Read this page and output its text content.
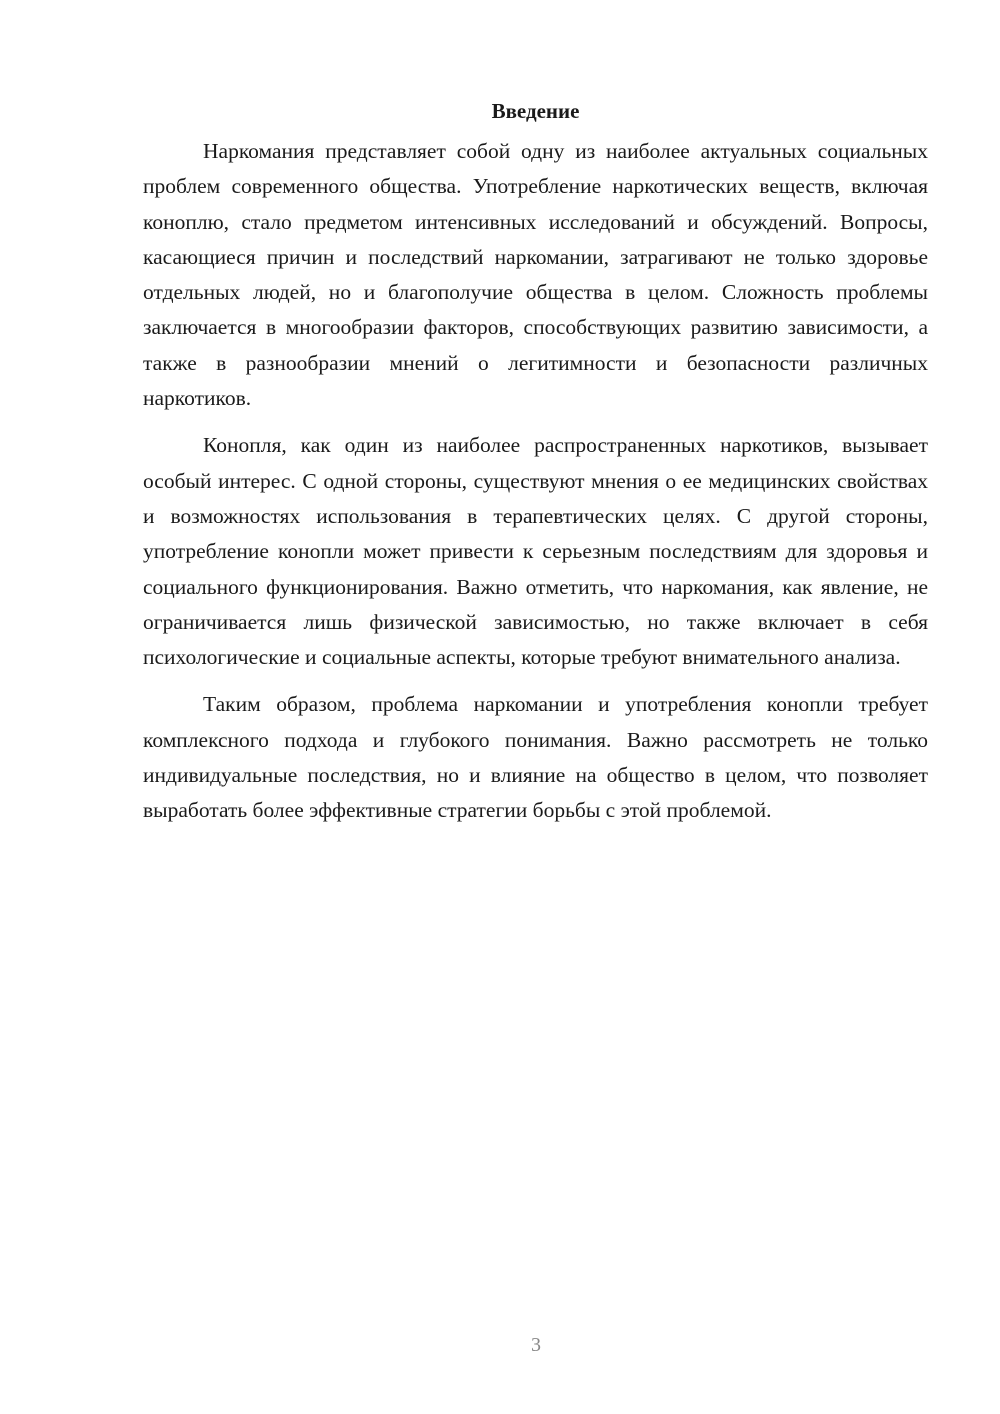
Введение

Наркомания представляет собой одну из наиболее актуальных социальных проблем современного общества. Употребление наркотических веществ, включая коноплю, стало предметом интенсивных исследований и обсуждений. Вопросы, касающиеся причин и последствий наркомании, затрагивают не только здоровье отдельных людей, но и благополучие общества в целом. Сложность проблемы заключается в многообразии факторов, способствующих развитию зависимости, а также в разнообразии мнений о легитимности и безопасности различных наркотиков.

Конопля, как один из наиболее распространенных наркотиков, вызывает особый интерес. С одной стороны, существуют мнения о ее медицинских свойствах и возможностях использования в терапевтических целях. С другой стороны, употребление конопли может привести к серьезным последствиям для здоровья и социального функционирования. Важно отметить, что наркомания, как явление, не ограничивается лишь физической зависимостью, но также включает в себя психологические и социальные аспекты, которые требуют внимательного анализа.

Таким образом, проблема наркомании и употребления конопли требует комплексного подхода и глубокого понимания. Важно рассмотреть не только индивидуальные последствия, но и влияние на общество в целом, что позволяет выработать более эффективные стратегии борьбы с этой проблемой.

3
